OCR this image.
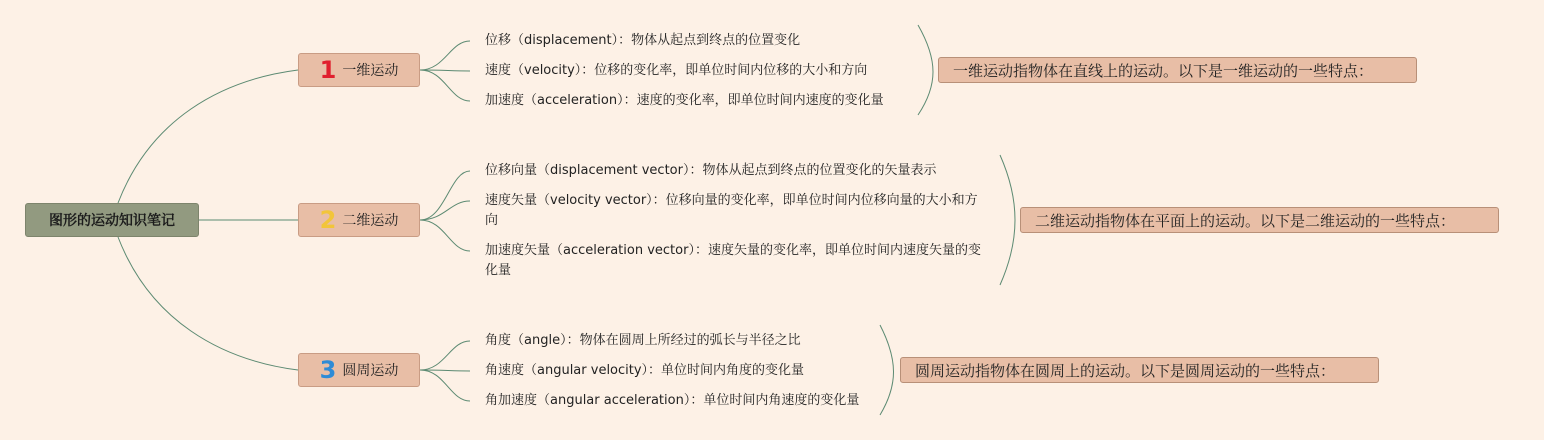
图形的运动知识笔记
1 一维运动
位移（displacement）：物体从起点到终点的位置变化
速度（velocity）：位移的变化率，即单位时间内位移的大小和方向
加速度（acceleration）：速度的变化率，即单位时间内速度的变化量
一维运动指物体在直线上的运动。以下是一维运动的一些特点：
2 二维运动
位移向量（displacement vector）：物体从起点到终点的位置变化的矢量表示
速度矢量（velocity vector）：位移向量的变化率，即单位时间内位移向量的大小和方向
加速度矢量（acceleration vector）：速度矢量的变化率，即单位时间内速度矢量的变化量
二维运动指物体在平面上的运动。以下是二维运动的一些特点：
3 圆周运动
角度（angle）：物体在圆周上所经过的弧长与半径之比
角速度（angular velocity）：单位时间内角度的变化量
角加速度（angular acceleration）：单位时间内角速度的变化量
圆周运动指物体在圆周上的运动。以下是圆周运动的一些特点：
